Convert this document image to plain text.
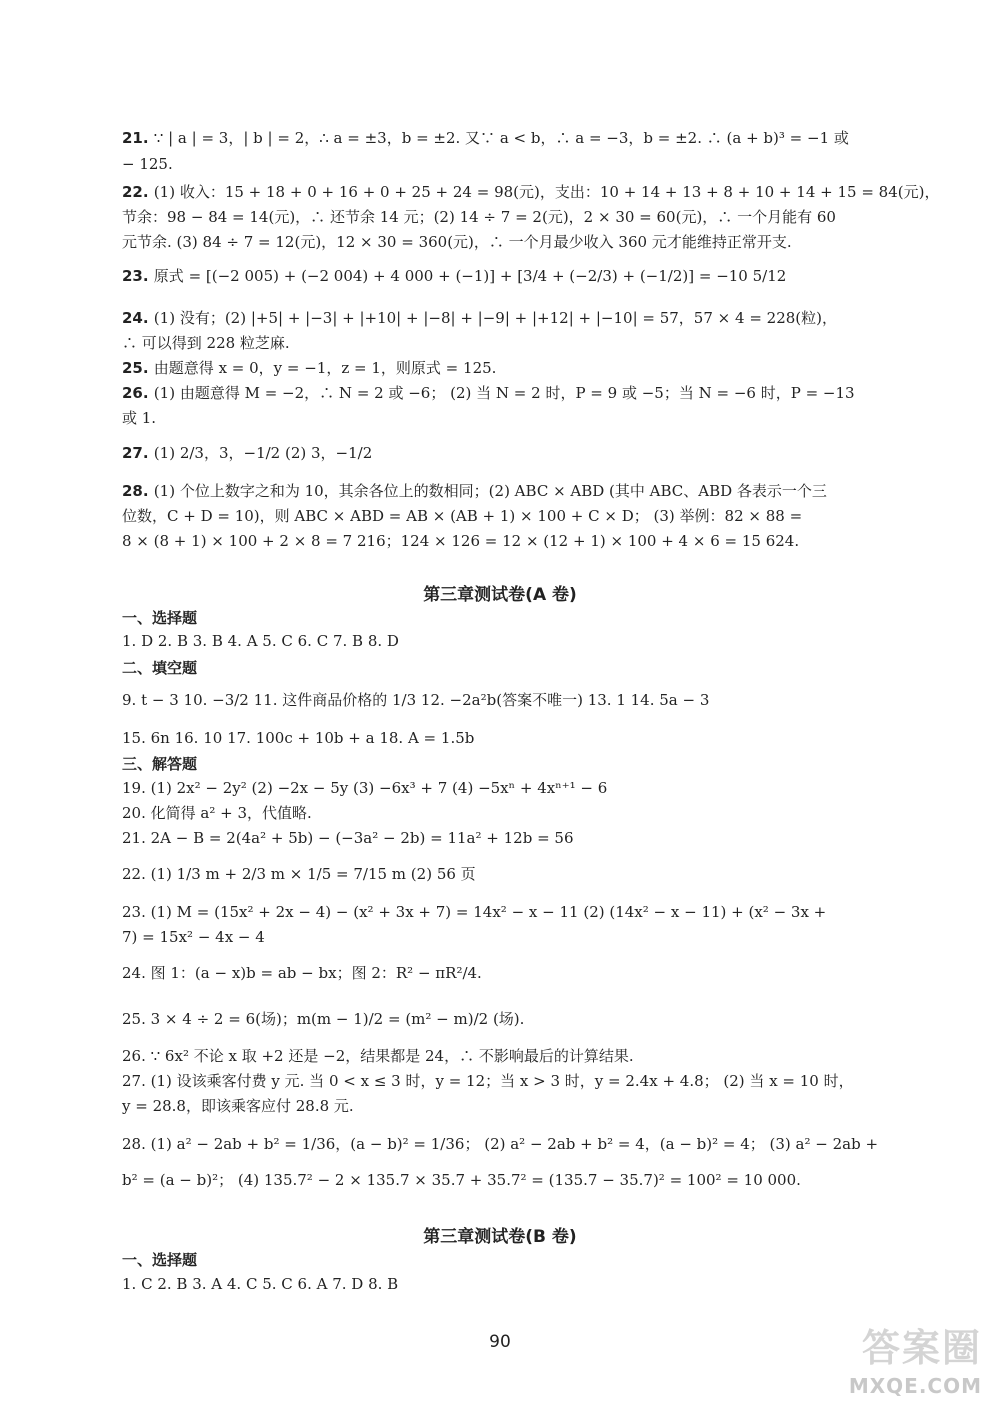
21. ∵ | a | = 3，| b | = 2，∴ a = ±3，b = ±2. 又∵ a < b，∴ a = −3，b = ±2. ∴ (a + b)³ = −1 或
− 125.
22. (1) 收入：15 + 18 + 0 + 16 + 0 + 25 + 24 = 98(元)，支出：10 + 14 + 13 + 8 + 10 + 14 + 15 = 84(元)，
节余：98 − 84 = 14(元)，∴ 还节余 14 元；(2) 14 ÷ 7 = 2(元)，2 × 30 = 60(元)，∴ 一个月能有 60
元节余. (3) 84 ÷ 7 = 12(元)，12 × 30 = 360(元)，∴ 一个月最少收入 360 元才能维持正常开支.
23. 原式 = [(−2 005) + (−2 004) + 4 000 + (−1)] + [3/4 + (−2/3) + (−1/2)] = −10 5/12
24. (1) 没有；(2) |+5| + |−3| + |+10| + |−8| + |−9| + |+12| + |−10| = 57，57 × 4 = 228(粒)，
∴ 可以得到 228 粒芝麻.
25. 由题意得 x = 0，y = −1，z = 1，则原式 = 125.
26. (1) 由题意得 M = −2，∴ N = 2 或 −6； (2) 当 N = 2 时，P = 9 或 −5；当 N = −6 时，P = −13
或 1.
27. (1) 2/3，3，−1/2 (2) 3，−1/2
28. (1) 个位上数字之和为 10，其余各位上的数相同；(2) ABC × ABD (其中 ABC、ABD 各表示一个三
位数，C + D = 10)，则 ABC × ABD = AB × (AB + 1) × 100 + C × D； (3) 举例：82 × 88 =
8 × (8 + 1) × 100 + 2 × 8 = 7 216；124 × 126 = 12 × (12 + 1) × 100 + 4 × 6 = 15 624.
第三章测试卷(A 卷)
一、选择题
1. D 2. B 3. B 4. A 5. C 6. C 7. B 8. D
二、填空题
9. t − 3 10. −3/2 11. 这件商品价格的 1/3 12. −2a²b(答案不唯一) 13. 1 14. 5a − 3
15. 6n 16. 10 17. 100c + 10b + a 18. A = 1.5b
三、解答题
19. (1) 2x² − 2y² (2) −2x − 5y (3) −6x³ + 7 (4) −5xⁿ + 4xⁿ⁺¹ − 6
20. 化简得 a² + 3，代值略.
21. 2A − B = 2(4a² + 5b) − (−3a² − 2b) = 11a² + 12b = 56
22. (1) 1/3 m + 2/3 m × 1/5 = 7/15 m (2) 56 页
23. (1) M = (15x² + 2x − 4) − (x² + 3x + 7) = 14x² − x − 11 (2) (14x² − x − 11) + (x² − 3x +
7) = 15x² − 4x − 4
24. 图 1：(a − x)b = ab − bx；图 2：R² − πR²/4.
25. 3 × 4 ÷ 2 = 6(场)；m(m − 1)/2 = (m² − m)/2 (场).
26. ∵ 6x² 不论 x 取 +2 还是 −2，结果都是 24，∴ 不影响最后的计算结果.
27. (1) 设该乘客付费 y 元. 当 0 < x ≤ 3 时，y = 12；当 x > 3 时，y = 2.4x + 4.8； (2) 当 x = 10 时，
y = 28.8，即该乘客应付 28.8 元.
28. (1) a² − 2ab + b² = 1/36，(a − b)² = 1/36； (2) a² − 2ab + b² = 4，(a − b)² = 4； (3) a² − 2ab +
b² = (a − b)²； (4) 135.7² − 2 × 135.7 × 35.7 + 35.7² = (135.7 − 35.7)² = 100² = 10 000.
第三章测试卷(B 卷)
一、选择题
1. C 2. B 3. A 4. C 5. C 6. A 7. D 8. B
90	答案圈
MXQE.COM
